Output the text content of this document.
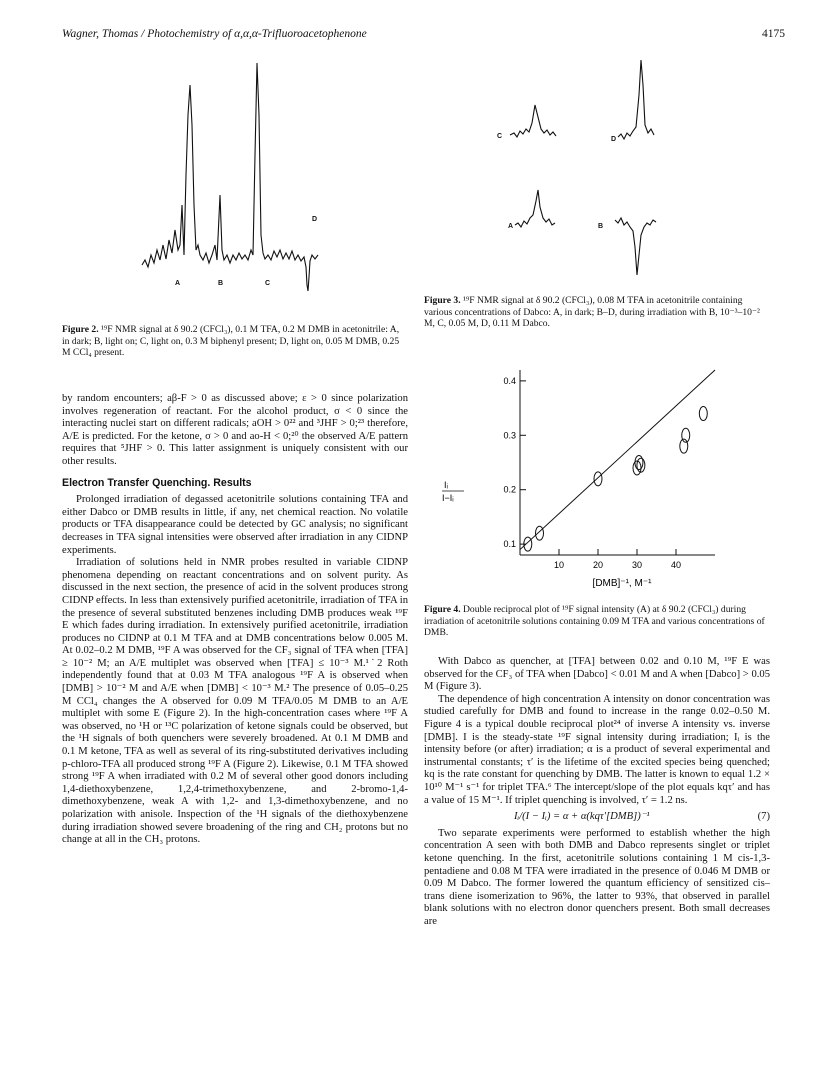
Wagner, Thomas / Photochemistry of α,α,α-Trifluoroacetophenone	4175
A	B	C
D
Figure 2. ¹⁹F NMR signal at δ 90.2 (CFCl₃), 0.1 M TFA, 0.2 M DMB in acetonitrile: A, in dark; B, light on; C, light on, 0.3 M biphenyl present; D, light on, 0.05 M DMB, 0.25 M CCl₄ present.
C	D
A	B
Figure 3. ¹⁹F NMR signal at δ 90.2 (CFCl₃), 0.08 M TFA in acetonitrile containing various concentrations of Dabco: A, in dark; B–D, during irradiation with B, 10⁻³–10⁻² M, C, 0.05 M, D, 0.11 M Dabco.
10	20	30	40
0.1
0.2
0.3
0.4
Iᵢ
I−Iᵢ
[DMB]⁻¹, M⁻¹
Figure 4. Double reciprocal plot of ¹⁹F signal intensity (A) at δ 90.2 (CFCl₃) during irradiation of acetonitrile solutions containing 0.09 M TFA and various concentrations of DMB.

by random encounters; aβ-F > 0 as discussed above; ε > 0 since polarization involves regeneration of reactant. For the alcohol product, σ < 0 since the interacting nuclei start on different radicals; aOH > 0²² and ³JHF > 0;²³ therefore, A/E is predicted. For the ketone, σ > 0 and ao-H < 0;²⁰ the observed A/E pattern requires that ⁵JHF > 0. This latter assignment is uniquely consistent with our other results.

Electron Transfer Quenching. Results

Prolonged irradiation of degassed acetonitrile solutions containing TFA and either Dabco or DMB results in little, if any, net chemical reaction. No volatile products or TFA disappearance could be detected by GC analysis; no significant decreases in TFA signal intensities were observed after irradiation in any CIDNP experiments.

Irradiation of solutions held in NMR probes resulted in variable CIDNP phenomena depending on reactant concentrations and on solvent purity. As discussed in the next section, the presence of acid in the solvent produces strong CIDNP effects. In less than extensively purified acetonitrile, irradiation of TFA in the presence of several substituted benzenes including DMB produces weak ¹⁹F E which fades during irradiation. In extensively purified acetonitrile, irradiation produces no CIDNP at 0.1 M TFA and at DMB concentrations below 0.005 M. At 0.02–0.2 M DMB, ¹⁹F A was observed for the CF₃ signal of TFA when [TFA] ≥ 10⁻² M; an A/E multiplet was observed when [TFA] ≤ 10⁻³ M.¹˙2 Roth independently found that at 0.03 M TFA analogous ¹⁹F A is observed when [DMB] > 10⁻² M and A/E when [DMB] < 10⁻³ M.² The presence of 0.05–0.25 M CCl₄ changes the A observed for 0.09 M TFA/0.05 M DMB to an A/E multiplet with some E (Figure 2). In the high-concentration cases where ¹⁹F A was observed, no ¹H or ¹³C polarization of ketone signals could be observed, but the ¹H signals of both quenchers were severely broadened. At 0.1 M DMB and 0.1 M ketone, TFA as well as several of its ring-substituted derivatives including p-chloro-TFA all produced strong ¹⁹F A (Figure 2). Likewise, 0.1 M TFA showed strong ¹⁹F A when irradiated with 0.2 M of several other good donors including 1,4-diethoxybenzene, 1,2,4-trimethoxybenzene, and 2-bromo-1,4-dimethoxybenzene, weak A with 1,2- and 1,3-dimethoxybenzene, and no polarization with anisole. Inspection of the ¹H signals of the diethoxybenzene during irradiation showed severe broadening of the ring and CH₂ protons but no change at all in the CH₃ protons.

With Dabco as quencher, at [TFA] between 0.02 and 0.10 M, ¹⁹F E was observed for the CF₃ of TFA when [Dabco] < 0.01 M and A when [Dabco] > 0.05 M (Figure 3).

The dependence of high concentration A intensity on donor concentration was studied carefully for DMB and found to increase in the range 0.02–0.50 M. Figure 4 is a typical double reciprocal plot²⁴ of inverse A intensity vs. inverse [DMB]. I is the steady-state ¹⁹F signal intensity during irradiation; Iᵢ is the intensity before (or after) irradiation; α is a product of several experimental and instrumental constants; τ′ is the lifetime of the excited species being quenched; kq is the rate constant for quenching by DMB. The latter is known to equal 1.2 × 10¹⁰ M⁻¹ s⁻¹ for triplet TFA.⁶ The intercept/slope of the plot equals kqτ′ and has a value of 15 M⁻¹. If triplet quenching is involved, τ′ = 1.2 ns.

Iᵢ/(I − Iᵢ) = α + α(kqτ′[DMB])⁻¹	(7)

Two separate experiments were performed to establish whether the high concentration A seen with both DMB and Dabco represents singlet or triplet ketone quenching. In the first, acetonitrile solutions containing 1 M cis-1,3-pentadiene and 0.08 M TFA were irradiated in the presence of 0.046 M DMB or 0.09 M Dabco. The former lowered the quantum efficiency of sensitized cis–trans diene isomerization to 96%, the latter to 93%, that observed in parallel blank solutions with no electron donor quenchers present. Both small decreases are
